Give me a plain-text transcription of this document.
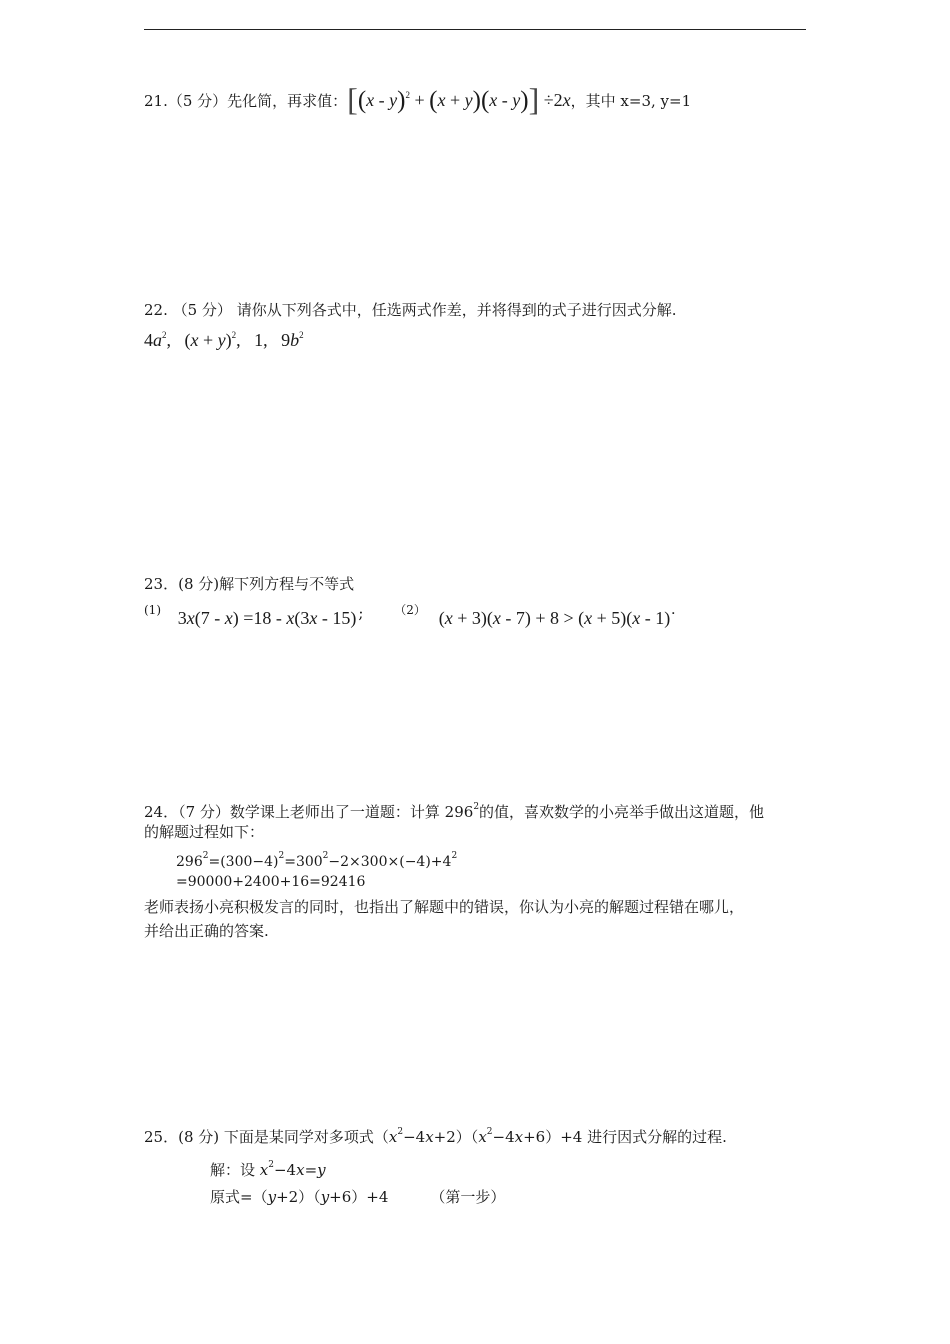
21.（5 分）先化简，再求值：[(x - y)$^2$ + (x + y)(x - y)] ÷2x，其中 x=3, y=1
22. （5 分） 请你从下列各式中，任选两式作差，并将得到的式子进行因式分解.
$4a^2$,   $(x + y)^2$,   1,   $9b^2$
23．(8 分)解下列方程与不等式
(1) 3x(7 - x) =18 - x(3x - 15) ;	（2） (x + 3)(x - 7) + 8 > (x + 5)(x - 1)˙
24．（7 分）数学课上老师出了一道题：计算 $296^2$的值，喜欢数学的小亮举手做出这道题，他
的解题过程如下：
$296^2=(300-4)^2=300^2-2\times 300\times(-4)+4^2$
=90000+2400+16=92416
老师表扬小亮积极发言的同时，也指出了解题中的错误，你认为小亮的解题过程错在哪儿，
并给出正确的答案.
25．(8 分) 下面是某同学对多项式$(x^2-4x+2)(x^2-4x+6)+4$ 进行因式分解的过程.
解：设 $x^2-4x=y$
原式=（y+2）（y+6）+4	（第一步）
